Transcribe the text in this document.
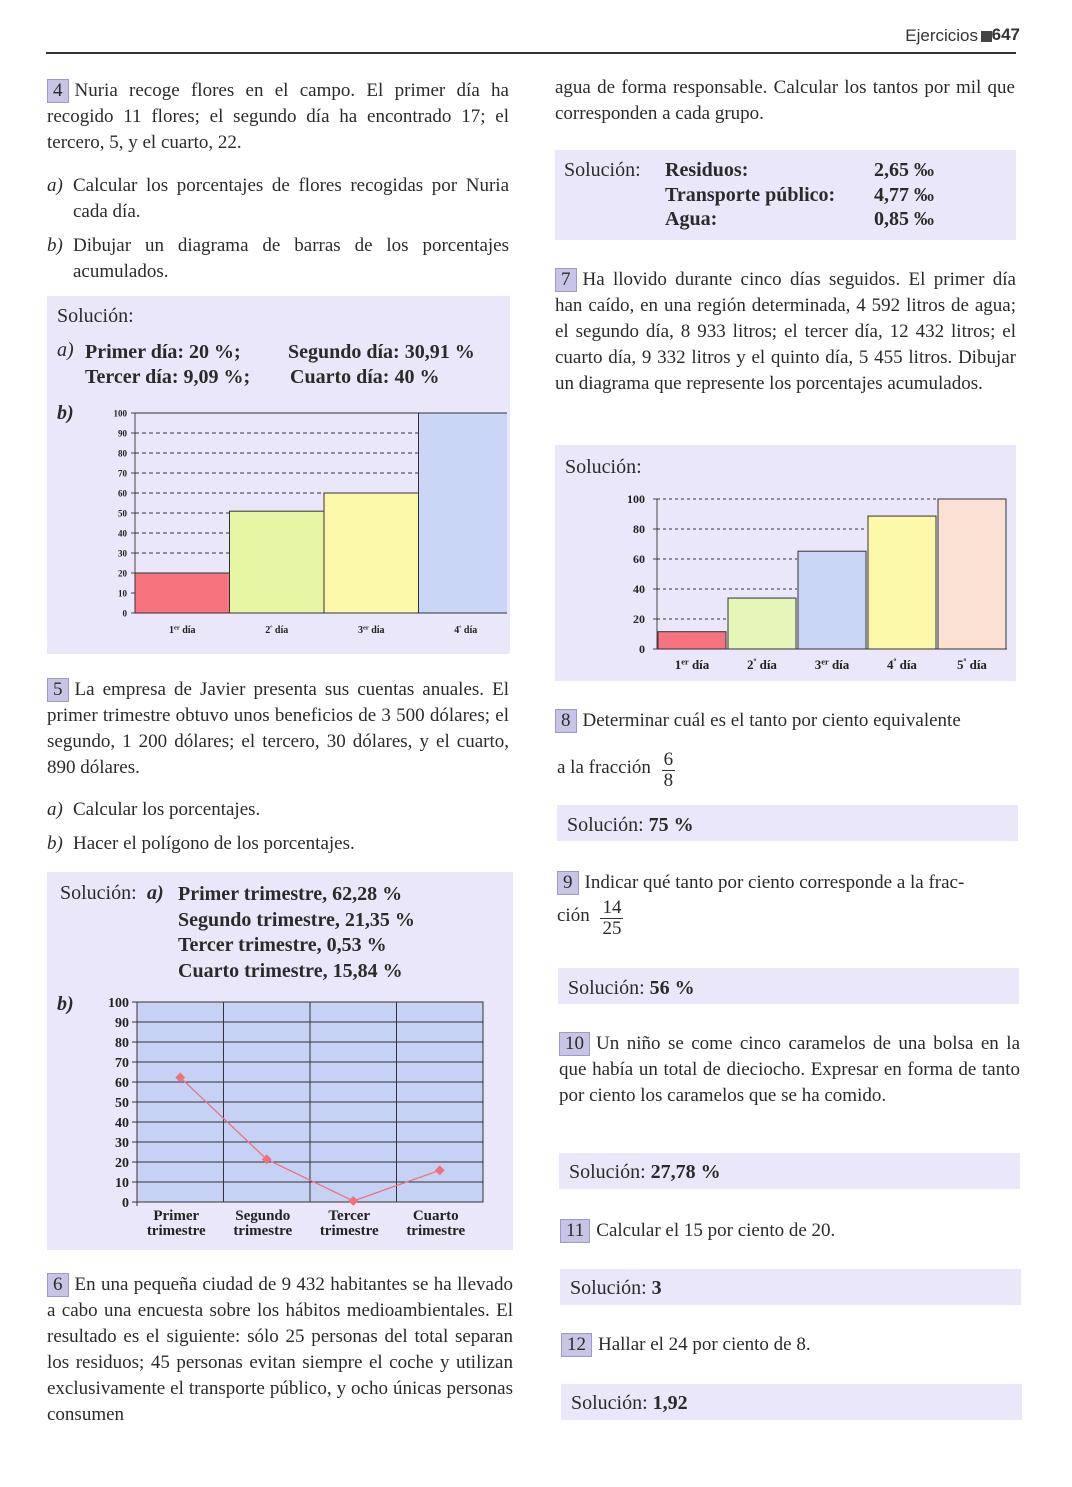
Ejercicios 647
4 Nuria recoge flores en el campo. El primer día ha recogido 11 flores; el segundo día ha encontrado 17; el tercero, 5, y el cuarto, 22.
a) Calcular los porcentajes de flores recogidas por Nuria cada día.
b) Dibujar un diagrama de barras de los porcentajes acumulados.
Solución:
a) Primer día: 20 %; Segundo día: 30,91 %
Tercer día: 9,09 %; Cuarto día: 40 %
b)
0
10
20
30
40
50
60
70
80
90
100
1er día	$2^º$ día	3er día	$4^º$ día
5 La empresa de Javier presenta sus cuentas anuales. El primer trimestre obtuvo unos beneficios de 3 500 dólares; el segundo, 1 200 dólares; el tercero, 30 dólares, y el cuarto, 890 dólares.
a) Calcular los porcentajes.
b) Hacer el polígono de los porcentajes.
Solución: a) Primer trimestre, 62,28 %
Segundo trimestre, 21,35 %
Tercer trimestre, 0,53 %
Cuarto trimestre, 15,84 %
b)
0
10
20
30
40
50
60
70
80
90
100
Primer
trimestre
Segundo
trimestre
Tercer
trimestre
Cuarto
trimestre
6 En una pequeña ciudad de 9 432 habitantes se ha llevado a cabo una encuesta sobre los hábitos medioambientales. El resultado es el siguiente: sólo 25 personas del total separan los residuos; 45 personas evitan siempre el coche y utilizan exclusivamente el transporte público, y ocho únicas personas consumen
agua de forma responsable. Calcular los tantos por mil que corresponden a cada grupo.
Solución: Residuos:	2,65 ‰
Transporte público: 4,77 ‰
Agua:	0,85 ‰
7 Ha llovido durante cinco días seguidos. El primer día han caído, en una región determinada, 4 592 litros de agua; el segundo día, 8 933 litros; el tercer día, 12 432 litros; el cuarto día, 9 332 litros y el quinto día, 5 455 litros. Dibujar un diagrama que represente los porcentajes acumulados.
Solución:
0
20
40
60
80
100
1er día	$2^º$ día	3er día	$4^º$ día	$5^º$ día
8 Determinar cuál es el tanto por ciento equivalente
a la fracción $\frac{6}{8}$
Solución: 75 %
9 Indicar qué tanto por ciento corresponde a la frac-
ción $\frac{14}{25}$
Solución: 56 %
10 Un niño se come cinco caramelos de una bolsa en la que había un total de dieciocho. Expresar en forma de tanto por ciento los caramelos que se ha comido.
Solución: 27,78 %
11 Calcular el 15 por ciento de 20.
Solución: 3
12 Hallar el 24 por ciento de 8.
Solución: 1,92
